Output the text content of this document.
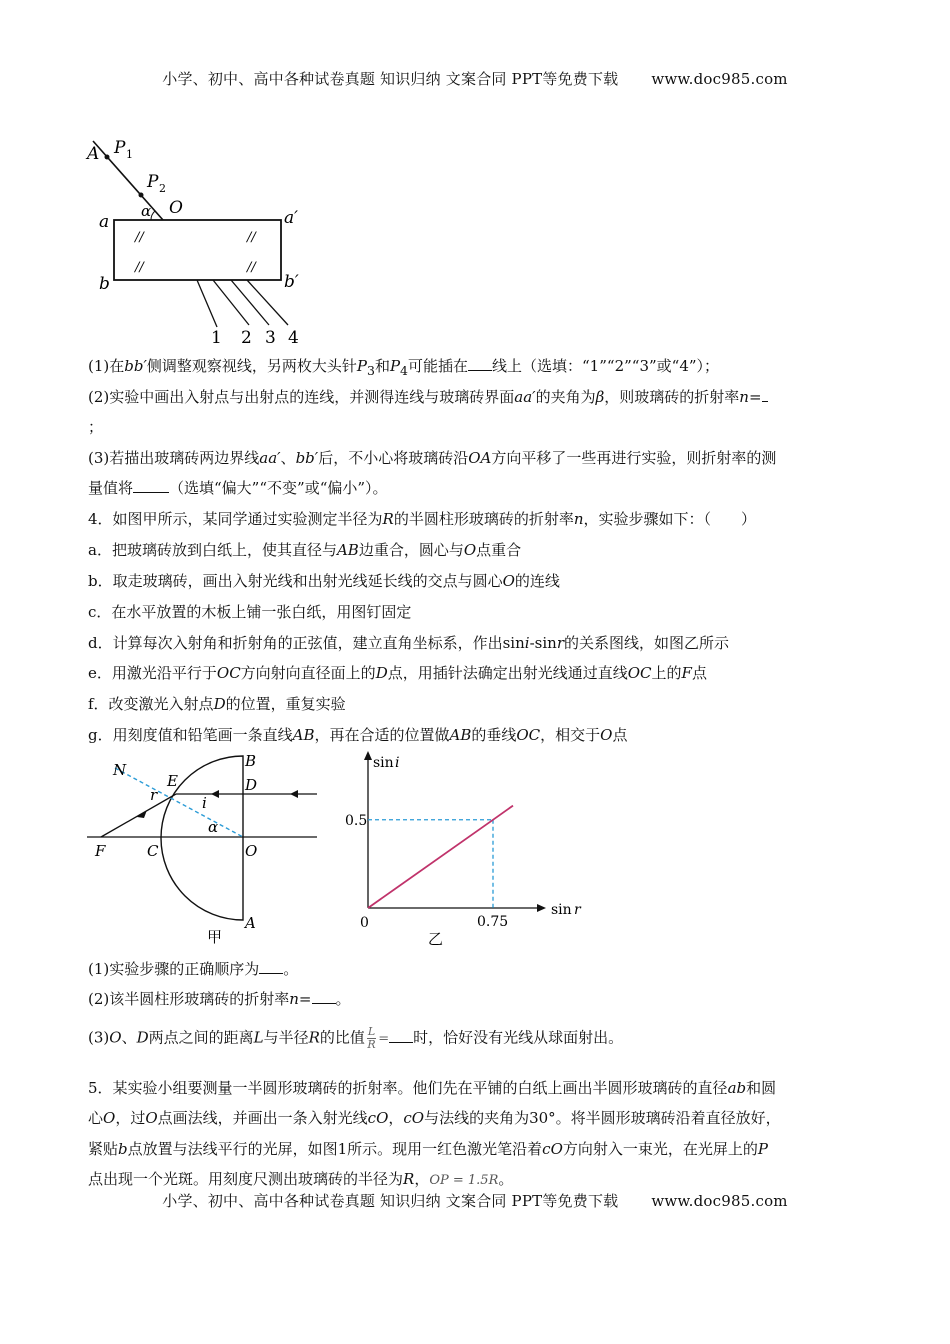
小学、初中、高中各种试卷真题 知识归纳 文案合同 PPT等免费下载 www.doc985.com
A P 1
P 2
α O
a	a′
b	b′
//	//
//	//
1 2 3 4
(1)在bb′侧调整观察视线，另两枚大头针$P_3$和$P_4$可能插在 线上（选填：“1”“2”“3”或“4”）；
(2)实验中画出入射点与出射点的连线，并测得连线与玻璃砖界面aa′的夹角为β，则玻璃砖的折射率n=
；
(3)若描出玻璃砖两边界线aa′、bb′后，不小心将玻璃砖沿OA方向平移了一些再进行实验，则折射率的测
量值将 （选填“偏大”“不变”或“偏小”）。
4．如图甲所示，某同学通过实验测定半径为R的半圆柱形玻璃砖的折射率n，实验步骤如下：（　　）
a．把玻璃砖放到白纸上，使其直径与AB边重合，圆心与O点重合
b．取走玻璃砖，画出入射光线和出射光线延长线的交点与圆心O的连线
c．在水平放置的木板上铺一张白纸，用图钉固定
d．计算每次入射角和折射角的正弦值，建立直角坐标系，作出sini-sinr的关系图线，如图乙所示
e．用激光沿平行于OC方向射向直径面上的D点，用插针法确定出射光线通过直线OC上的F点
f．改变激光入射点D的位置，重复实验
g．用刻度值和铅笔画一条直线AB，再在合适的位置做AB的垂线OC，相交于O点
N
E
B
D
r	i
α
F	C	O
A
甲
sin i
sin r
0
0.5
0.75
乙
(1)实验步骤的正确顺序为 。
(2)该半圆柱形玻璃砖的折射率n= 。
(3)O、D两点之间的距离L与半径R的比值 $\frac{L}{R}$ = 时，恰好没有光线从球面射出。
5．某实验小组要测量一半圆形玻璃砖的折射率。他们先在平铺的白纸上画出半圆形玻璃砖的直径ab和圆
心O，过O点画法线，并画出一条入射光线cO，cO与法线的夹角为30°。将半圆形玻璃砖沿着直径放好，
紧贴b点放置与法线平行的光屏，如图1所示。现用一红色激光笔沿着cO方向射入一束光，在光屏上的P
点出现一个光斑。用刻度尺测出玻璃砖的半径为R，OP = 1.5R。
小学、初中、高中各种试卷真题 知识归纳 文案合同 PPT等免费下载 www.doc985.com
